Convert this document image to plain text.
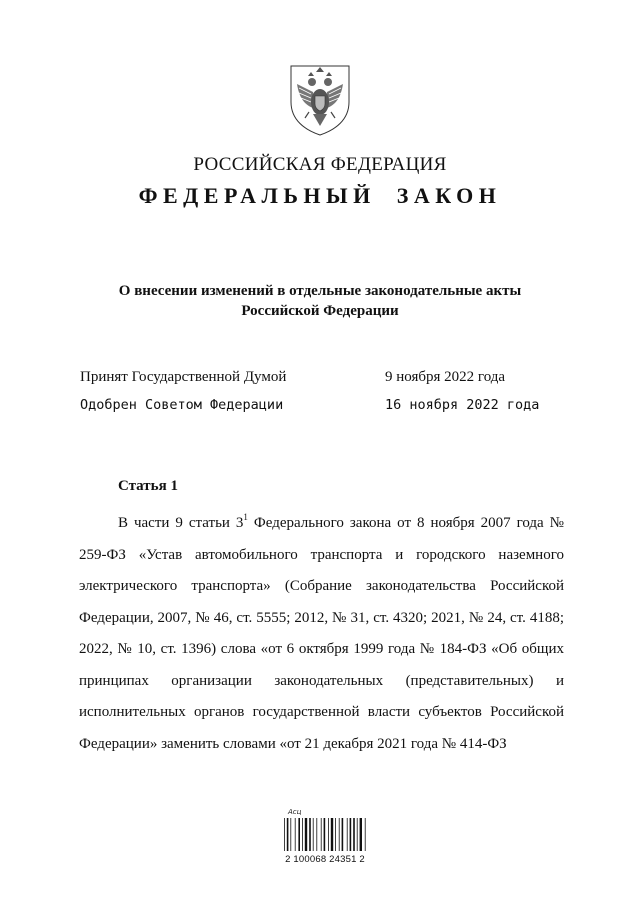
РОССИЙСКАЯ ФЕДЕРАЦИЯ
ФЕДЕРАЛЬНЫЙ ЗАКОН
О внесении изменений в отдельные законодательные акты
Российской Федерации
Принят Государственной Думой	9 ноября 2022 года
Одобрен Советом Федерации	16 ноября 2022 года
Статья 1

В части 9 статьи $3^1$ Федерального закона от 8 ноября 2007 года № 259-ФЗ «Устав автомобильного транспорта и городского наземного электрического транспорта» (Собрание законодательства Российской Федерации, 2007, № 46, ст. 5555; 2012, № 31, ст. 4320; 2021, № 24, ст. 4188; 2022, № 10, ст. 1396) слова «от 6 октября 1999 года № 184-ФЗ «Об общих принципах организации законодательных (представительных) и исполнительных органов государственной власти субъектов Российской Федерации» заменить словами «от 21 декабря 2021 года № 414-ФЗ

Асц
2 100068 24351 2
